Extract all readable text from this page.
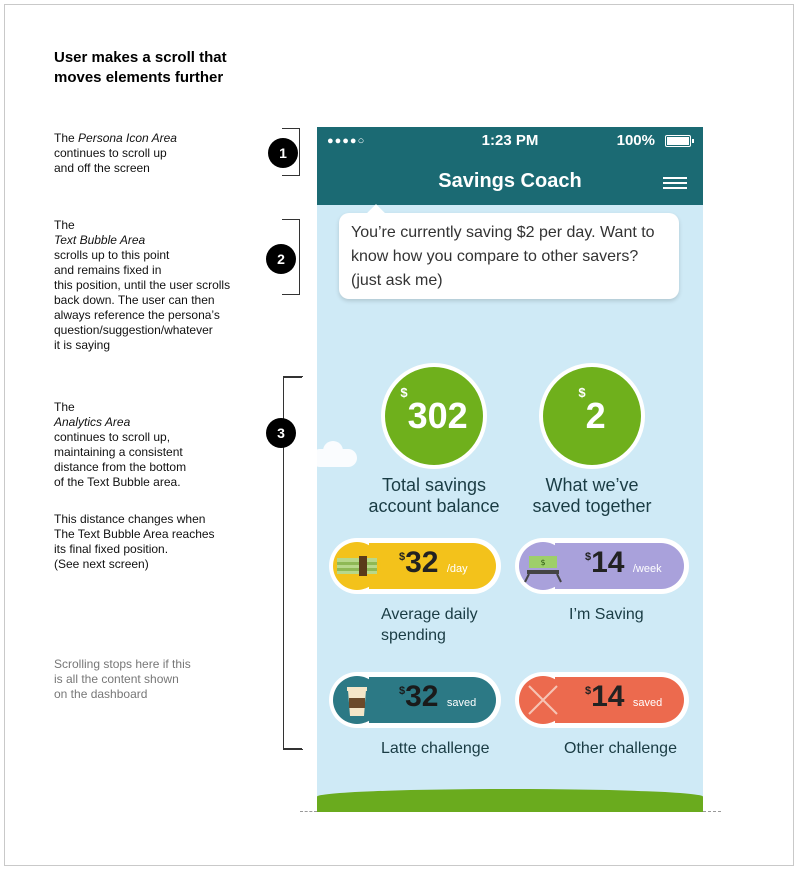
User makes a scroll that
moves elements further
The Persona Icon Area
continues to scroll up
and off the screen
The
Text Bubble Area
scrolls up to this point
and remains fixed in
this position, until the user scrolls
back down. The user can then
always reference the persona’s
question/suggestion/whatever
it is saying
The
Analytics Area
continues to scroll up,
maintaining a consistent
distance from the bottom
of the Text Bubble area.
This distance changes when
The Text Bubble Area reaches
its final fixed position.
(See next screen)
Scrolling stops here if this
is all the content shown
on the dashboard
1
2
3
●●●●○	1:23 PM	100%
Savings Coach
You’re currently saving $2 per day. Want to know how you compare to other savers? (just ask me)
$302
Total savings
account balance
$2
What we’ve
saved together
$32 /day
Average daily
spending
$	$14 /week
I’m Saving
$32 saved
Latte challenge
$14 saved
Other challenge
